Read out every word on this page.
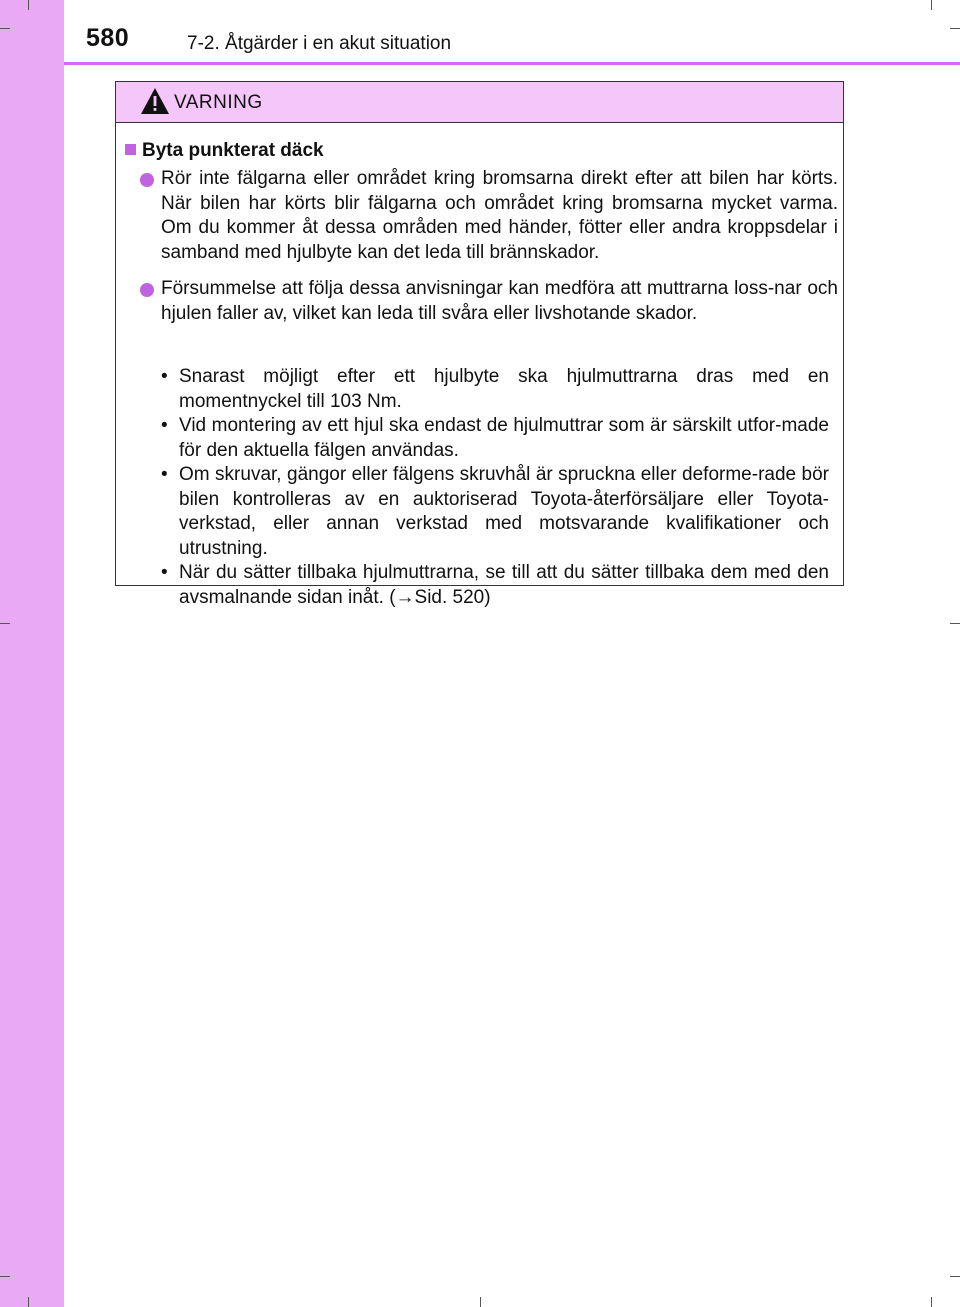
580	7-2. Åtgärder i en akut situation
VARNING
Byta punkterat däck
Rör inte fälgarna eller området kring bromsarna direkt efter att bilen har körts. När bilen har körts blir fälgarna och området kring bromsarna mycket varma. Om du kommer åt dessa områden med händer, fötter eller andra kroppsdelar i samband med hjulbyte kan det leda till brännskador.
Försummelse att följa dessa anvisningar kan medföra att muttrarna loss-nar och hjulen faller av, vilket kan leda till svåra eller livshotande skador.
• Snarast möjligt efter ett hjulbyte ska hjulmuttrarna dras med en momentnyckel till 103 Nm.
• Vid montering av ett hjul ska endast de hjulmuttrar som är särskilt utfor-made för den aktuella fälgen användas.
• Om skruvar, gängor eller fälgens skruvhål är spruckna eller deforme-rade bör bilen kontrolleras av en auktoriserad Toyota-återförsäljare eller Toyota-verkstad, eller annan verkstad med motsvarande kvalifikationer och utrustning.
• När du sätter tillbaka hjulmuttrarna, se till att du sätter tillbaka dem med den avsmalnande sidan inåt. (→Sid. 520)
